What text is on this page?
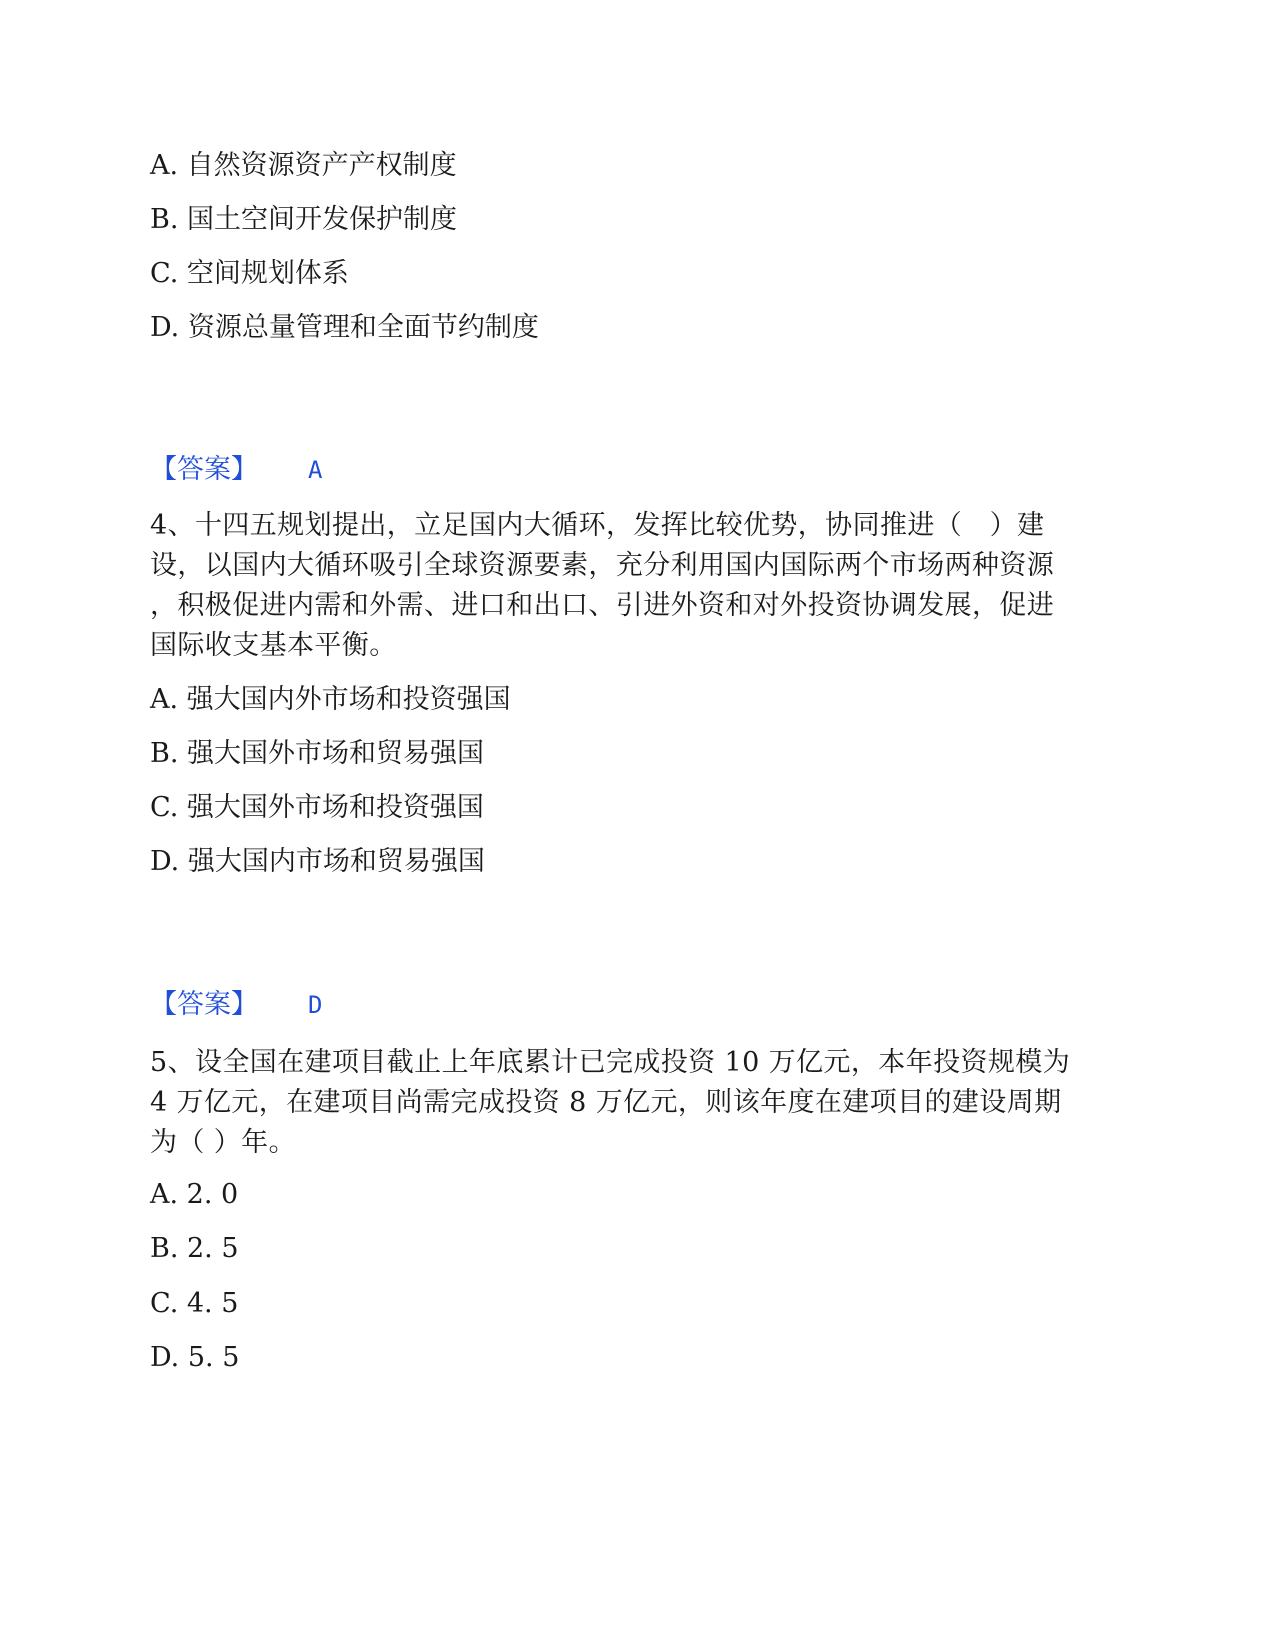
A. 自然资源资产产权制度
B. 国土空间开发保护制度
C. 空间规划体系
D. 资源总量管理和全面节约制度
【答案】 A
4、十四五规划提出，立足国内大循环，发挥比较优势，协同推进（　）建
设，以国内大循环吸引全球资源要素，充分利用国内国际两个市场两种资源
，积极促进内需和外需、进口和出口、引进外资和对外投资协调发展，促进
国际收支基本平衡。
A. 强大国内外市场和投资强国
B. 强大国外市场和贸易强国
C. 强大国外市场和投资强国
D. 强大国内市场和贸易强国
【答案】 D
5、设全国在建项目截止上年底累计已完成投资 10 万亿元，本年投资规模为
4 万亿元，在建项目尚需完成投资 8 万亿元，则该年度在建项目的建设周期
为（ ）年。
A. 2. 0
B. 2. 5
C. 4. 5
D. 5. 5
